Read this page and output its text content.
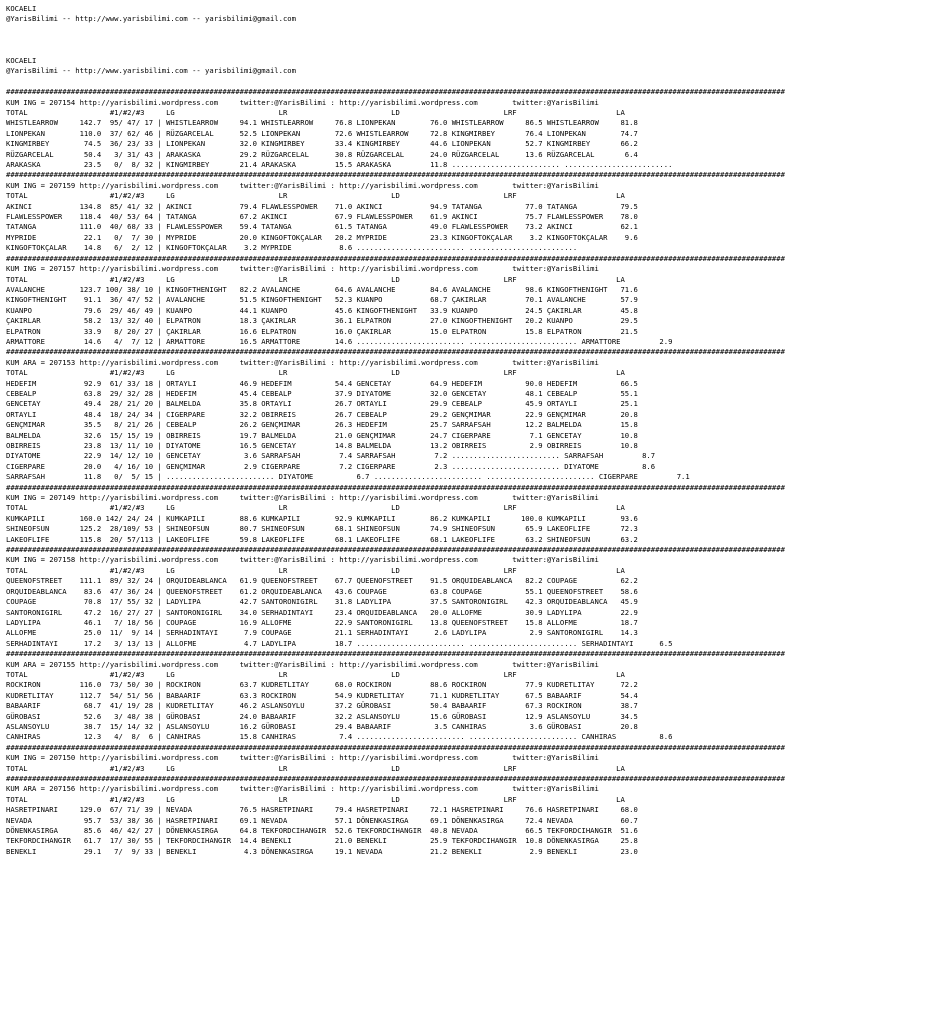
KOCAELI
@YarisBilimi -- http://www.yarisbilimi.com -- yarisbilimi@gmail.com
KOCAELI
@YarisBilimi -- http://www.yarisbilimi.com -- yarisbilimi@gmail.com
####################################################################################################################################################################################
KUM ING = 207154 http://yarisbilimi.wordpress.com     twitter:@YarisBilimi : http://yarisbilimi.wordpress.com        twitter:@YarisBilimi
TOTAL                   #1/#2/#3     LG                        LR                        LD                        LRF                       LA
WHISTLEARROW     142.7  95/ 47/ 17 | WHISTLEARROW     94.1 WHISTLEARROW     76.8 LIONPEKAN        76.0 WHISTLEARROW     86.5 WHISTLEARROW     81.8
LIONPEKAN        110.0  37/ 62/ 46 | RÜZGARCELAL      52.5 LIONPEKAN        72.6 WHISTLEARROW     72.8 KINGMIRBEY       76.4 LIONPEKAN        74.7
KINGMIRBEY        74.5  36/ 23/ 33 | LIONPEKAN        32.0 KINGMIRBEY       33.4 KINGMIRBEY       44.6 LIONPEKAN        52.7 KINGMIRBEY       66.2
RÜZGARCELAL       50.4   3/ 31/ 43 | ARAKASKA         29.2 RÜZGARCELAL      30.8 RÜZGARCELAL      24.0 RÜZGARCELAL      13.6 RÜZGARCELAL       6.4
ARAKASKA          23.5   0/  8/ 32 | KINGMIRBEY       21.4 ARAKASKA         15.5 ARAKASKA         11.8 ......................... .........................
####################################################################################################################################################################################
KUM ING = 207159 http://yarisbilimi.wordpress.com     twitter:@YarisBilimi : http://yarisbilimi.wordpress.com        twitter:@YarisBilimi
TOTAL                   #1/#2/#3     LG                        LR                        LD                        LRF                       LA
AKINCI           134.8  85/ 41/ 32 | AKINCI           79.4 FLAWLESSPOWER    71.0 AKINCI           94.9 TATANGA          77.0 TATANGA          79.5
FLAWLESSPOWER    118.4  40/ 53/ 64 | TATANGA          67.2 AKINCI           67.9 FLAWLESSPOWER    61.9 AKINCI           75.7 FLAWLESSPOWER    78.0
TATANGA          111.0  40/ 68/ 33 | FLAWLESSPOWER    59.4 TATANGA          61.5 TATANGA          49.0 FLAWLESSPOWER    73.2 AKINCI           62.1
MYPRIDE           22.1   0/  7/ 30 | MYPRIDE          20.0 KINGOFTOKÇALAR   20.2 MYPRIDE          23.3 KINGOFTOKÇALAR    3.2 KINGOFTOKÇALAR    9.6
KINGOFTOKÇALAR    14.8   6/  2/ 12 | KINGOFTOKÇALAR    3.2 MYPRIDE           8.6 ......................... .........................
####################################################################################################################################################################################
KUM ING = 207157 http://yarisbilimi.wordpress.com     twitter:@YarisBilimi : http://yarisbilimi.wordpress.com        twitter:@YarisBilimi
TOTAL                   #1/#2/#3     LG                        LR                        LD                        LRF                       LA
AVALANCHE        123.7 100/ 38/ 10 | KINGOFTHENIGHT   82.2 AVALANCHE        64.6 AVALANCHE        84.6 AVALANCHE        98.6 KINGOFTHENIGHT   71.6
KINGOFTHENIGHT    91.1  36/ 47/ 52 | AVALANCHE        51.5 KINGOFTHENIGHT   52.3 KUANPO           68.7 ÇAKIRLAR         70.1 AVALANCHE        57.9
KUANPO            79.6  29/ 46/ 49 | KUANPO           44.1 KUANPO           45.6 KINGOFTHENIGHT   33.9 KUANPO           24.5 ÇAKIRLAR         45.8
ÇAKIRLAR          58.2  13/ 32/ 40 | ELPATRON         18.3 ÇAKIRLAR         36.1 ELPATRON         27.0 KINGOFTHENIGHT   20.2 KUANPO           29.5
ELPATRON          33.9   8/ 20/ 27 | ÇAKIRLAR         16.6 ELPATRON         16.0 ÇAKIRLAR         15.0 ELPATRON         15.8 ELPATRON         21.5
ARMATTORE         14.6   4/  7/ 12 | ARMATTORE        16.5 ARMATTORE        14.6 ......................... ......................... ARMATTORE         2.9
####################################################################################################################################################################################
KUM ARA = 207153 http://yarisbilimi.wordpress.com     twitter:@YarisBilimi : http://yarisbilimi.wordpress.com        twitter:@YarisBilimi
TOTAL                   #1/#2/#3     LG                        LR                        LD                        LRF                       LA
HEDEFIM           92.9  61/ 33/ 18 | ORTAYLI          46.9 HEDEFIM          54.4 GENCETAY         64.9 HEDEFIM          90.0 HEDEFIM          66.5
CEBEALP           63.8  29/ 32/ 28 | HEDEFIM          45.4 CEBEALP          37.9 DIYATOME         32.0 GENCETAY         48.1 CEBEALP          55.1
GENCETAY          49.4  28/ 21/ 20 | BALMELDA         35.8 ORTAYLI          26.7 ORTAYLI          29.9 CEBEALP          45.9 ORTAYLI          25.1
ORTAYLI           48.4  18/ 24/ 34 | CIGERPARE        32.2 OBIRREIS         26.7 CEBEALP          29.2 GENÇMIMAR        22.9 GENÇMIMAR        20.8
GENÇMIMAR         35.5   8/ 21/ 26 | CEBEALP          26.2 GENÇMIMAR        26.3 HEDEFIM          25.7 SARRAFSAH        12.2 BALMELDA         15.8
BALMELDA          32.6  15/ 15/ 19 | OBIRREIS         19.7 BALMELDA         21.0 GENÇMIMAR        24.7 CIGERPARE         7.1 GENCETAY         10.8
OBIRREIS          23.8  13/ 11/ 10 | DIYATOME         16.5 GENCETAY         14.8 BALMELDA         13.2 OBIRREIS          2.9 OBIRREIS         10.8
DIYATOME          22.9  14/ 12/ 10 | GENCETAY          3.6 SARRAFSAH         7.4 SARRAFSAH         7.2 ......................... SARRAFSAH         8.7
CIGERPARE         20.0   4/ 16/ 10 | GENÇMIMAR         2.9 CIGERPARE         7.2 CIGERPARE         2.3 ......................... DIYATOME          8.6
SARRAFSAH         11.8   0/  5/ 15 | ......................... DIYATOME          6.7 ......................... ......................... CIGERPARE         7.1
####################################################################################################################################################################################
KUM ING = 207149 http://yarisbilimi.wordpress.com     twitter:@YarisBilimi : http://yarisbilimi.wordpress.com        twitter:@YarisBilimi
TOTAL                   #1/#2/#3     LG                        LR                        LD                        LRF                       LA
KUMKAPILI        160.0 142/ 24/ 24 | KUMKAPILI        88.6 KUMKAPILI        92.9 KUMKAPILI        86.2 KUMKAPILI       100.0 KUMKAPILI        93.6
SHINEOFSUN       125.2  28/109/ 53 | SHINEOFSUN       80.7 SHINEOFSUN       68.1 SHINEOFSUN       74.9 SHINEOFSUN       65.9 LAKEOFLIFE       72.3
LAKEOFLIFE       115.8  20/ 57/113 | LAKEOFLIFE       59.8 LAKEOFLIFE       68.1 LAKEOFLIFE       68.1 LAKEOFLIFE       63.2 SHINEOFSUN       63.2
####################################################################################################################################################################################
KUM ING = 207158 http://yarisbilimi.wordpress.com     twitter:@YarisBilimi : http://yarisbilimi.wordpress.com        twitter:@YarisBilimi
TOTAL                   #1/#2/#3     LG                        LR                        LD                        LRF                       LA
QUEENOFSTREET    111.1  89/ 32/ 24 | ORQUIDEABLANCA   61.9 QUEENOFSTREET    67.7 QUEENOFSTREET    91.5 ORQUIDEABLANCA   82.2 COUPAGE          62.2
ORQUIDEABLANCA    83.6  47/ 36/ 24 | QUEENOFSTREET    61.2 ORQUIDEABLANCA   43.6 COUPAGE          63.8 COUPAGE          55.1 QUEENOFSTREET    58.6
COUPAGE           70.8  17/ 55/ 32 | LADYLIPA         42.7 SANTORONIGIRL    31.8 LADYLIPA         37.5 SANTORONIGIRL    42.3 ORQUIDEABLANCA   45.9
SANTORONIGIRL     47.2  16/ 27/ 27 | SANTORONIGIRL    34.0 SERHADINTAYI     23.4 ORQUIDEABLANCA   20.0 ALLOFME          30.9 LADYLIPA         22.9
LADYLIPA          46.1   7/ 18/ 56 | COUPAGE          16.9 ALLOFME          22.9 SANTORONIGIRL    13.8 QUEENOFSTREET    15.8 ALLOFME          18.7
ALLOFME           25.0  11/  9/ 14 | SERHADINTAYI      7.9 COUPAGE          21.1 SERHADINTAYI      2.6 LADYLIPA          2.9 SANTORONIGIRL    14.3
SERHADINTAYI      17.2   3/ 13/ 13 | ALLOFME           4.7 LADYLIPA         18.7 ......................... ......................... SERHADINTAYI      6.5
####################################################################################################################################################################################
KUM ARA = 207155 http://yarisbilimi.wordpress.com     twitter:@YarisBilimi : http://yarisbilimi.wordpress.com        twitter:@YarisBilimi
TOTAL                   #1/#2/#3     LG                        LR                        LD                        LRF                       LA
ROCKIRON         116.0  73/ 50/ 30 | ROCKIRON         63.7 KUDRETLITAY      68.0 ROCKIRON         88.6 ROCKIRON         77.9 KUDRETLITAY      72.2
KUDRETLITAY      112.7  54/ 51/ 56 | BABAARIF         63.3 ROCKIRON         54.9 KUDRETLITAY      71.1 KUDRETLITAY      67.5 BABAARIF         54.4
BABAARIF          68.7  41/ 19/ 28 | KUDRETLITAY      46.2 ASLANSOYLU       37.2 GÜROBASI         50.4 BABAARIF         67.3 ROCKIRON         38.7
GÜROBASI          52.6   3/ 48/ 38 | GÜROBASI         24.0 BABAARIF         32.2 ASLANSOYLU       15.6 GÜROBASI         12.9 ASLANSOYLU       34.5
ASLANSOYLU        38.7  15/ 14/ 32 | ASLANSOYLU       16.2 GÜROBASI         29.4 BABAARIF          3.5 CANHIRAS          3.6 GÜROBASI         20.8
CANHIRAS          12.3   4/  8/  6 | CANHIRAS         15.8 CANHIRAS          7.4 ......................... ......................... CANHIRAS          8.6
####################################################################################################################################################################################
KUM ING = 207150 http://yarisbilimi.wordpress.com     twitter:@YarisBilimi : http://yarisbilimi.wordpress.com        twitter:@YarisBilimi
TOTAL                   #1/#2/#3     LG                        LR                        LD                        LRF                       LA
####################################################################################################################################################################################
KUM ARA = 207156 http://yarisbilimi.wordpress.com     twitter:@YarisBilimi : http://yarisbilimi.wordpress.com        twitter:@YarisBilimi
TOTAL                   #1/#2/#3     LG                        LR                        LD                        LRF                       LA
HASRETPINARI     129.0  67/ 71/ 39 | NEVADA           76.5 HASRETPINARI     79.4 HASRETPINARI     72.1 HASRETPINARI     76.6 HASRETPINARI     68.0
NEVADA            95.7  53/ 38/ 36 | HASRETPINARI     69.1 NEVADA           57.1 DÖNENKASIRGA     69.1 DÖNENKASIRGA     72.4 NEVADA           60.7
DÖNENKASIRGA      85.6  46/ 42/ 27 | DÖNENKASIRGA     64.8 TEKFORDCIHANGIR  52.6 TEKFORDCIHANGIR  40.8 NEVADA           66.5 TEKFORDCIHANGIR  51.6
TEKFORDCIHANGIR   61.7  17/ 30/ 55 | TEKFORDCIHANGIR  14.4 BENEKLI          21.0 BENEKLI          25.9 TEKFORDCIHANGIR  10.8 DÖNENKASIRGA     25.8
BENEKLI           29.1   7/  9/ 33 | BENEKLI           4.3 DÖNENKASIRGA     19.1 NEVADA           21.2 BENEKLI           2.9 BENEKLI          23.0
